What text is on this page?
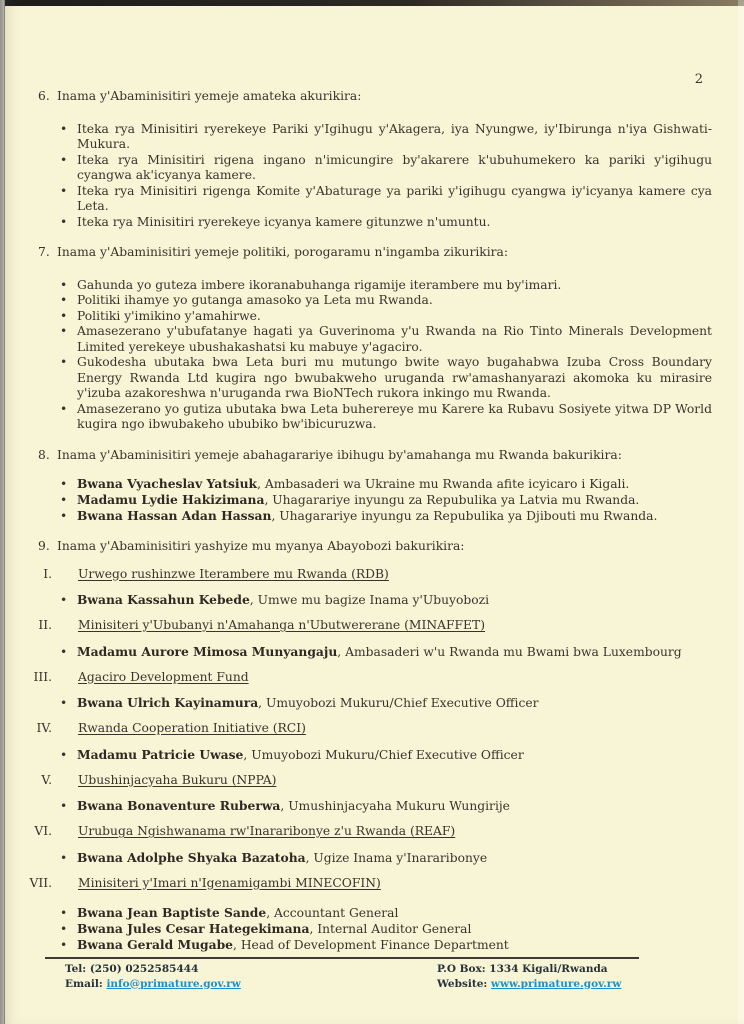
2
6. Inama y'Abaminisitiri yemeje amateka akurikira:
• Iteka rya Minisitiri ryerekeye Pariki y'Igihugu y'Akagera, iya Nyungwe, iy'Ibirunga n'iya Gishwati-Mukura.
• Iteka rya Minisitiri rigena ingano n'imicungire by'akarere k'ubuhumekero ka pariki y'igihugu cyangwa ak'icyanya kamere.
• Iteka rya Minisitiri rigenga Komite y'Abaturage ya pariki y'igihugu cyangwa iy'icyanya kamere cya Leta.
• Iteka rya Minisitiri ryerekeye icyanya kamere gitunzwe n'umuntu.
7. Inama y'Abaminisitiri yemeje politiki, porogaramu n'ingamba zikurikira:
• Gahunda yo guteza imbere ikoranabuhanga rigamije iterambere mu by'imari.
• Politiki ihamye yo gutanga amasoko ya Leta mu Rwanda.
• Politiki y'imikino y'amahirwe.
• Amasezerano y'ubufatanye hagati ya Guverinoma y'u Rwanda na Rio Tinto Minerals Development Limited yerekeye ubushakashatsi ku mabuye y'agaciro.
• Gukodesha ubutaka bwa Leta buri mu mutungo bwite wayo bugahabwa Izuba Cross Boundary Energy Rwanda Ltd kugira ngo bwubakweho uruganda rw'amashanyarazi akomoka ku mirasire y'izuba azakoreshwa n'uruganda rwa BioNTech rukora inkingo mu Rwanda.
• Amasezerano yo gutiza ubutaka bwa Leta buherereye mu Karere ka Rubavu Sosiyete yitwa DP World kugira ngo ibwubakeho ububiko bw'ibicuruzwa.
8. Inama y'Abaminisitiri yemeje abahagarariye ibihugu by'amahanga mu Rwanda bakurikira:
• Bwana Vyacheslav Yatsiuk, Ambasaderi wa Ukraine mu Rwanda afite icyicaro i Kigali.
• Madamu Lydie Hakizimana, Uhagarariye inyungu za Repubulika ya Latvia mu Rwanda.
• Bwana Hassan Adan Hassan, Uhagarariye inyungu za Repubulika ya Djibouti mu Rwanda.
9. Inama y'Abaminisitiri yashyize mu myanya Abayobozi bakurikira:
I. Urwego rushinzwe Iterambere mu Rwanda (RDB)
• Bwana Kassahun Kebede, Umwe mu bagize Inama y'Ubuyobozi
II. Minisiteri y'Ububanyi n'Amahanga n'Ubutwererane (MINAFFET)
• Madamu Aurore Mimosa Munyangaju, Ambasaderi w'u Rwanda mu Bwami bwa Luxembourg
III. Agaciro Development Fund
• Bwana Ulrich Kayinamura, Umuyobozi Mukuru/Chief Executive Officer
IV. Rwanda Cooperation Initiative (RCI)
• Madamu Patricie Uwase, Umuyobozi Mukuru/Chief Executive Officer
V. Ubushinjacyaha Bukuru (NPPA)
• Bwana Bonaventure Ruberwa, Umushinjacyaha Mukuru Wungirije
VI. Urubuga Ngishwanama rw'Inararibonye z'u Rwanda (REAF)
• Bwana Adolphe Shyaka Bazatoha, Ugize Inama y'Inararibonye
VII. Minisiteri y'Imari n'Igenamigambi MINECOFIN)
• Bwana Jean Baptiste Sande, Accountant General
• Bwana Jules Cesar Hategekimana, Internal Auditor General
• Bwana Gerald Mugabe, Head of Development Finance Department
Tel: (250) 0252585444
Email: info@primature.gov.rw
P.O Box: 1334 Kigali/Rwanda
Website: www.primature.gov.rw
